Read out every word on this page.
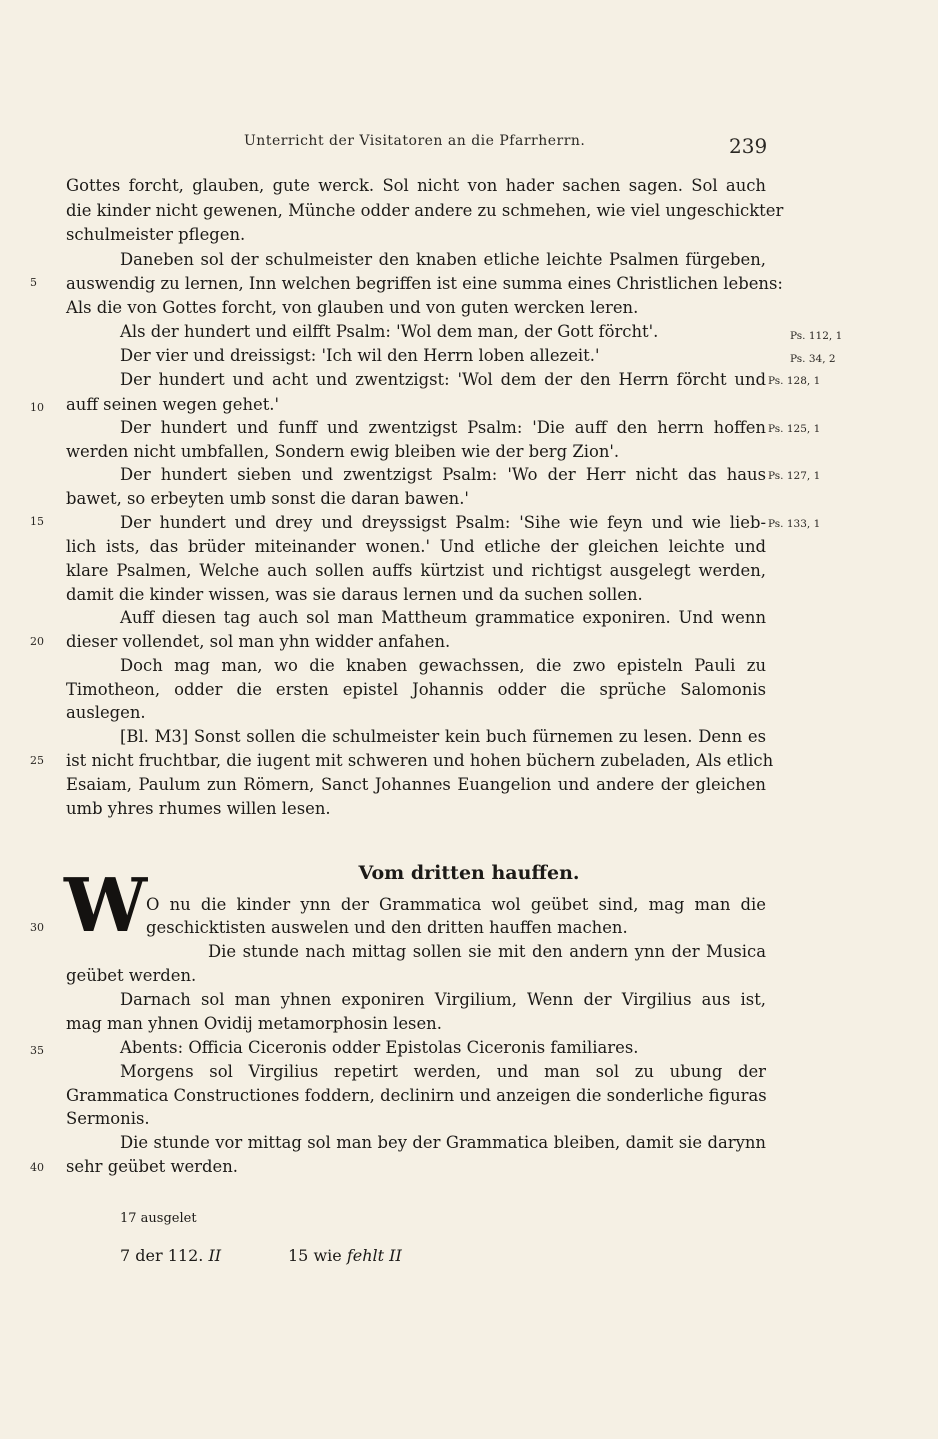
Unterricht der Visitatoren an die Pfarrherrn.	239
5
10
15
20
25
30
35
40
Ps. 112, 1
Ps. 34, 2
Ps. 128, 1
Ps. 125, 1
Ps. 127, 1
Ps. 133, 1
Gottes forcht, glauben, gute werck. Sol nicht von hader sachen sagen. Sol auch
die kinder nicht gewenen, Münche odder andere zu schmehen, wie viel ungeschickter
schulmeister pflegen.
Daneben sol der schulmeister den knaben etliche leichte Psalmen fürgeben,
auswendig zu lernen, Inn welchen begriffen ist eine summa eines Christlichen lebens:
Als die von Gottes forcht, von glauben und von guten wercken leren.
Als der hundert und eilfft Psalm: 'Wol dem man, der Gott förcht'.
Der vier und dreissigst: 'Ich wil den Herrn loben allezeit.'
Der hundert und acht und zwentzigst: 'Wol dem der den Herrn förcht und
auff seinen wegen gehet.'
Der hundert und funff und zwentzigst Psalm: 'Die auff den herrn hoffen
werden nicht umbfallen, Sondern ewig bleiben wie der berg Zion'.
Der hundert sieben und zwentzigst Psalm: 'Wo der Herr nicht das haus
bawet, so erbeyten umb sonst die daran bawen.'
Der hundert und drey und dreyssigst Psalm: 'Sihe wie feyn und wie lieb-
lich ists, das brüder miteinander wonen.' Und etliche der gleichen leichte und
klare Psalmen, Welche auch sollen auffs kürtzist und richtigst ausgelegt werden,
damit die kinder wissen, was sie daraus lernen und da suchen sollen.
Auff diesen tag auch sol man Mattheum grammatice exponiren. Und wenn
dieser vollendet, sol man yhn widder anfahen.
Doch mag man, wo die knaben gewachssen, die zwo episteln Pauli zu
Timotheon, odder die ersten epistel Johannis odder die sprüche Salomonis
auslegen.
[Bl. M3] Sonst sollen die schulmeister kein buch fürnemen zu lesen. Denn es
ist nicht fruchtbar, die iugent mit schweren und hohen büchern zubeladen, Als etlich
Esaiam, Paulum zun Römern, Sanct Johannes Euangelion und andere der gleichen
umb yhres rhumes willen lesen.
Vom dritten hauffen.
W
O nu die kinder ynn der Grammatica wol geübet sind, mag man die
geschicktisten auswelen und den dritten hauffen machen.
Die stunde nach mittag sollen sie mit den andern ynn der Musica
geübet werden.
Darnach sol man yhnen exponiren Virgilium, Wenn der Virgilius aus ist,
mag man yhnen Ovidij metamorphosin lesen.
Abents: Officia Ciceronis odder Epistolas Ciceronis familiares.
Morgens sol Virgilius repetirt werden, und man sol zu ubung der
Grammatica Constructiones foddern, declinirn und anzeigen die sonderliche figuras
Sermonis.
Die stunde vor mittag sol man bey der Grammatica bleiben, damit sie darynn
sehr geübet werden.
17 ausgelet
7 der 112. II	15 wie fehlt II
